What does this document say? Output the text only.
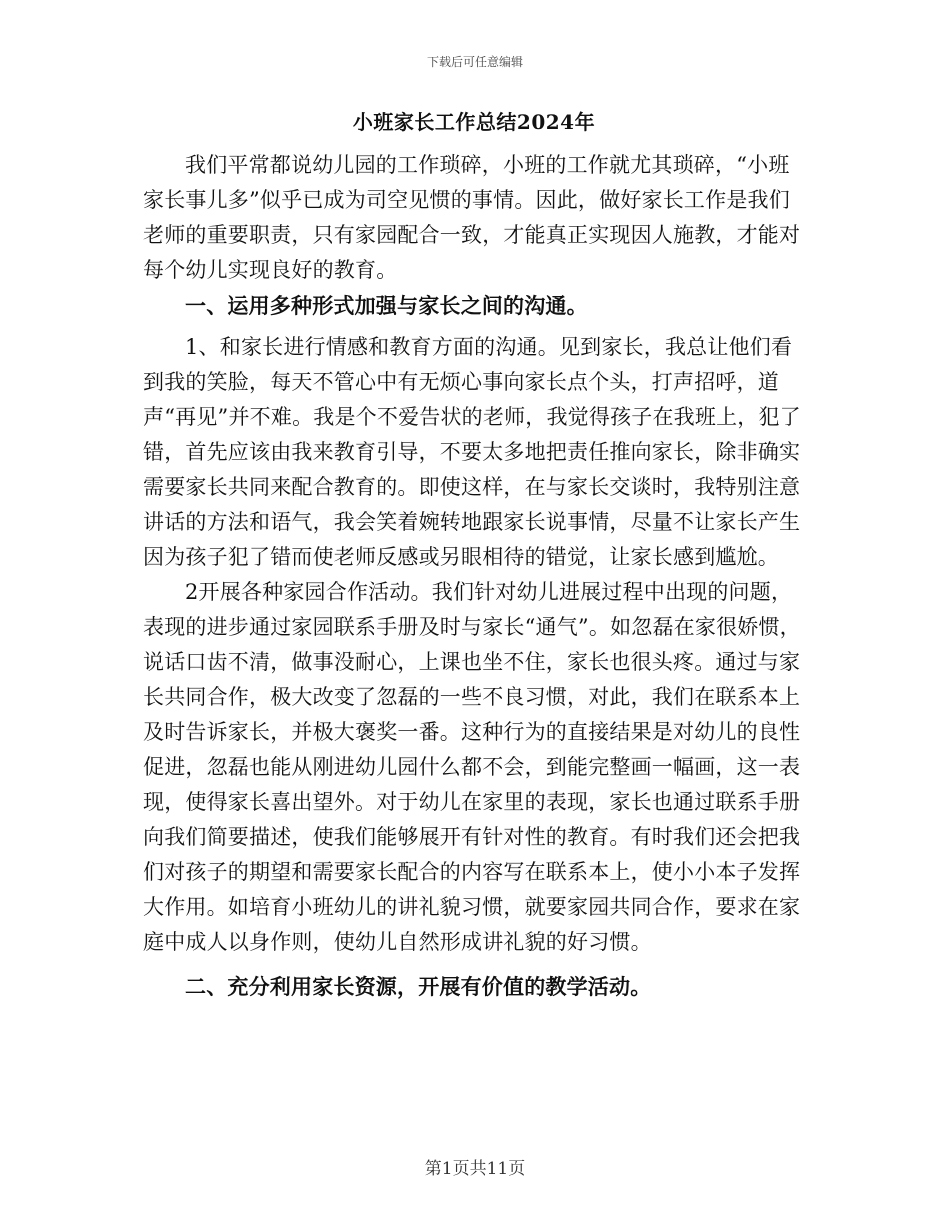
下载后可任意编辑
小班家长工作总结2024年

我们平常都说幼儿园的工作琐碎，小班的工作就尤其琐碎，“小班家长事儿多”似乎已成为司空见惯的事情。因此，做好家长工作是我们老师的重要职责，只有家园配合一致，才能真正实现因人施教，才能对每个幼儿实现良好的教育。

一、运用多种形式加强与家长之间的沟通。

1、和家长进行情感和教育方面的沟通。见到家长，我总让他们看到我的笑脸，每天不管心中有无烦心事向家长点个头，打声招呼，道声“再见”并不难。我是个不爱告状的老师，我觉得孩子在我班上，犯了错，首先应该由我来教育引导，不要太多地把责任推向家长，除非确实需要家长共同来配合教育的。即使这样，在与家长交谈时，我特别注意讲话的方法和语气，我会笑着婉转地跟家长说事情，尽量不让家长产生因为孩子犯了错而使老师反感或另眼相待的错觉，让家长感到尴尬。

2开展各种家园合作活动。我们针对幼儿进展过程中出现的问题，表现的进步通过家园联系手册及时与家长“通气”。如忽磊在家很娇惯，说话口齿不清，做事没耐心，上课也坐不住，家长也很头疼。通过与家长共同合作，极大改变了忽磊的一些不良习惯，对此，我们在联系本上及时告诉家长，并极大褒奖一番。这种行为的直接结果是对幼儿的良性促进，忽磊也能从刚进幼儿园什么都不会，到能完整画一幅画，这一表现，使得家长喜出望外。对于幼儿在家里的表现，家长也通过联系手册向我们简要描述，使我们能够展开有针对性的教育。有时我们还会把我们对孩子的期望和需要家长配合的内容写在联系本上，使小小本子发挥大作用。如培育小班幼儿的讲礼貌习惯，就要家园共同合作，要求在家庭中成人以身作则，使幼儿自然形成讲礼貌的好习惯。

二、充分利用家长资源，开展有价值的教学活动。

第1页共11页
